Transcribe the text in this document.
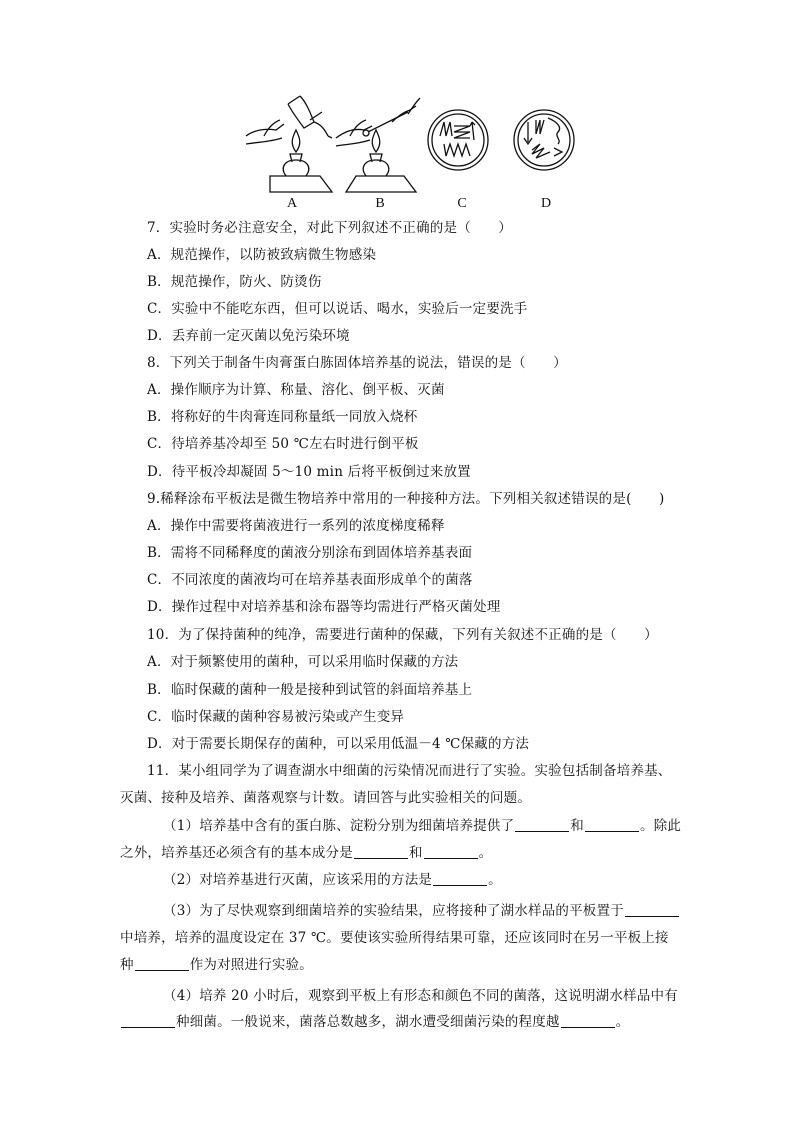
A	B	C	D
7．实验时务必注意安全，对此下列叙述不正确的是（　　）
A．规范操作，以防被致病微生物感染
B．规范操作，防火、防烫伤
C．实验中不能吃东西，但可以说话、喝水，实验后一定要洗手
D．丢弃前一定灭菌以免污染环境
8．下列关于制备牛肉膏蛋白胨固体培养基的说法，错误的是（　　）
A．操作顺序为计算、称量、溶化、倒平板、灭菌
B．将称好的牛肉膏连同称量纸一同放入烧杯
C．待培养基冷却至 50 ℃左右时进行倒平板
D．待平板冷却凝固 5～10 min 后将平板倒过来放置
9.稀释涂布平板法是微生物培养中常用的一种接种方法。下列相关叙述错误的是(　　)
A．操作中需要将菌液进行一系列的浓度梯度稀释
B．需将不同稀释度的菌液分别涂布到固体培养基表面
C．不同浓度的菌液均可在培养基表面形成单个的菌落
D．操作过程中对培养基和涂布器等均需进行严格灭菌处理
10．为了保持菌种的纯净，需要进行菌种的保藏，下列有关叙述不正确的是（　　）
A．对于频繁使用的菌种，可以采用临时保藏的方法
B．临时保藏的菌种一般是接种到试管的斜面培养基上
C．临时保藏的菌种容易被污染或产生变异
D．对于需要长期保存的菌种，可以采用低温－4 ℃保藏的方法
11．某小组同学为了调查湖水中细菌的污染情况而进行了实验。实验包括制备培养基、
灭菌、接种及培养、菌落观察与计数。请回答与此实验相关的问题。
（1）培养基中含有的蛋白胨、淀粉分别为细菌培养提供了	和	。除此
之外，培养基还必须含有的基本成分是	和	。
（2）对培养基进行灭菌，应该采用的方法是	。
（3）为了尽快观察到细菌培养的实验结果，应将接种了湖水样品的平板置于
中培养，培养的温度设定在 37 ℃。要使该实验所得结果可靠，还应该同时在另一平板上接
种	作为对照进行实验。
（4）培养 20 小时后，观察到平板上有形态和颜色不同的菌落，这说明湖水样品中有
种细菌。一般说来，菌落总数越多，湖水遭受细菌污染的程度越	。
